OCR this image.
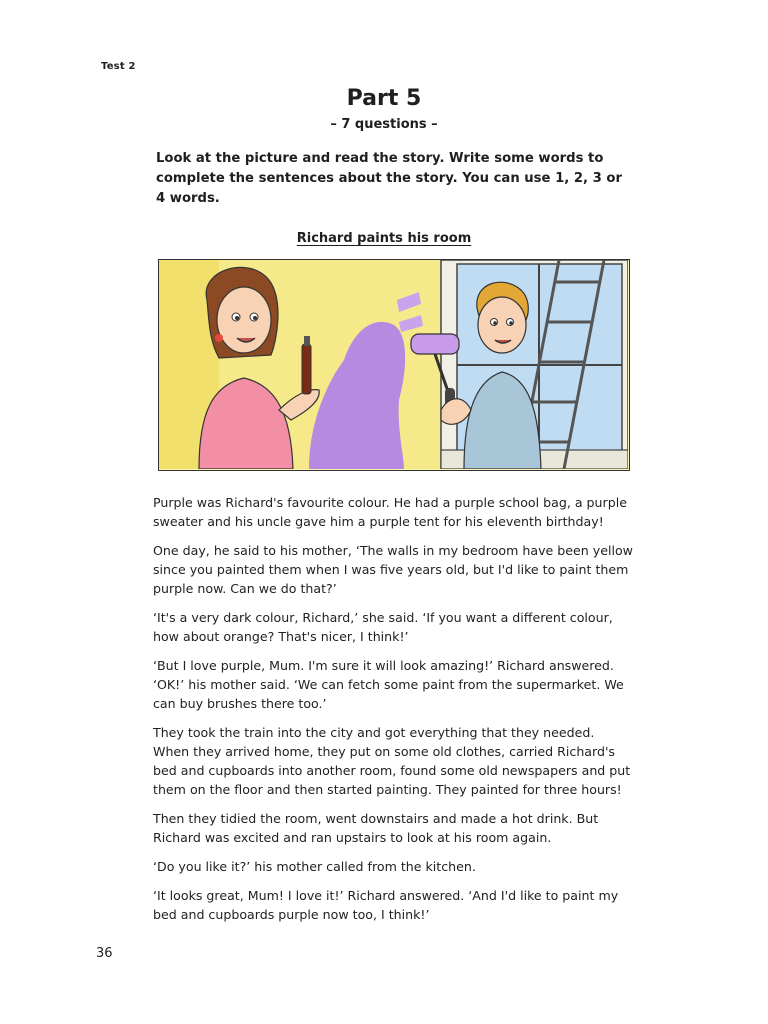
Test 2
Part 5
– 7 questions –
Look at the picture and read the story. Write some words to complete the sentences about the story. You can use 1, 2, 3 or 4 words.
Richard paints his room

Purple was Richard's favourite colour. He had a purple school bag, a purple sweater and his uncle gave him a purple tent for his eleventh birthday!

One day, he said to his mother, ‘The walls in my bedroom have been yellow since you painted them when I was five years old, but I'd like to paint them purple now. Can we do that?’

‘It's a very dark colour, Richard,’ she said. ‘If you want a different colour, how about orange? That's nicer, I think!’

‘But I love purple, Mum. I'm sure it will look amazing!’ Richard answered. ‘OK!’ his mother said. ‘We can fetch some paint from the supermarket. We can buy brushes there too.’

They took the train into the city and got everything that they needed. When they arrived home, they put on some old clothes, carried Richard's bed and cupboards into another room, found some old newspapers and put them on the floor and then started painting. They painted for three hours!

Then they tidied the room, went downstairs and made a hot drink. But Richard was excited and ran upstairs to look at his room again.

‘Do you like it?’ his mother called from the kitchen.

‘It looks great, Mum! I love it!’ Richard answered. ‘And I'd like to paint my bed and cupboards purple now too, I think!’

36
